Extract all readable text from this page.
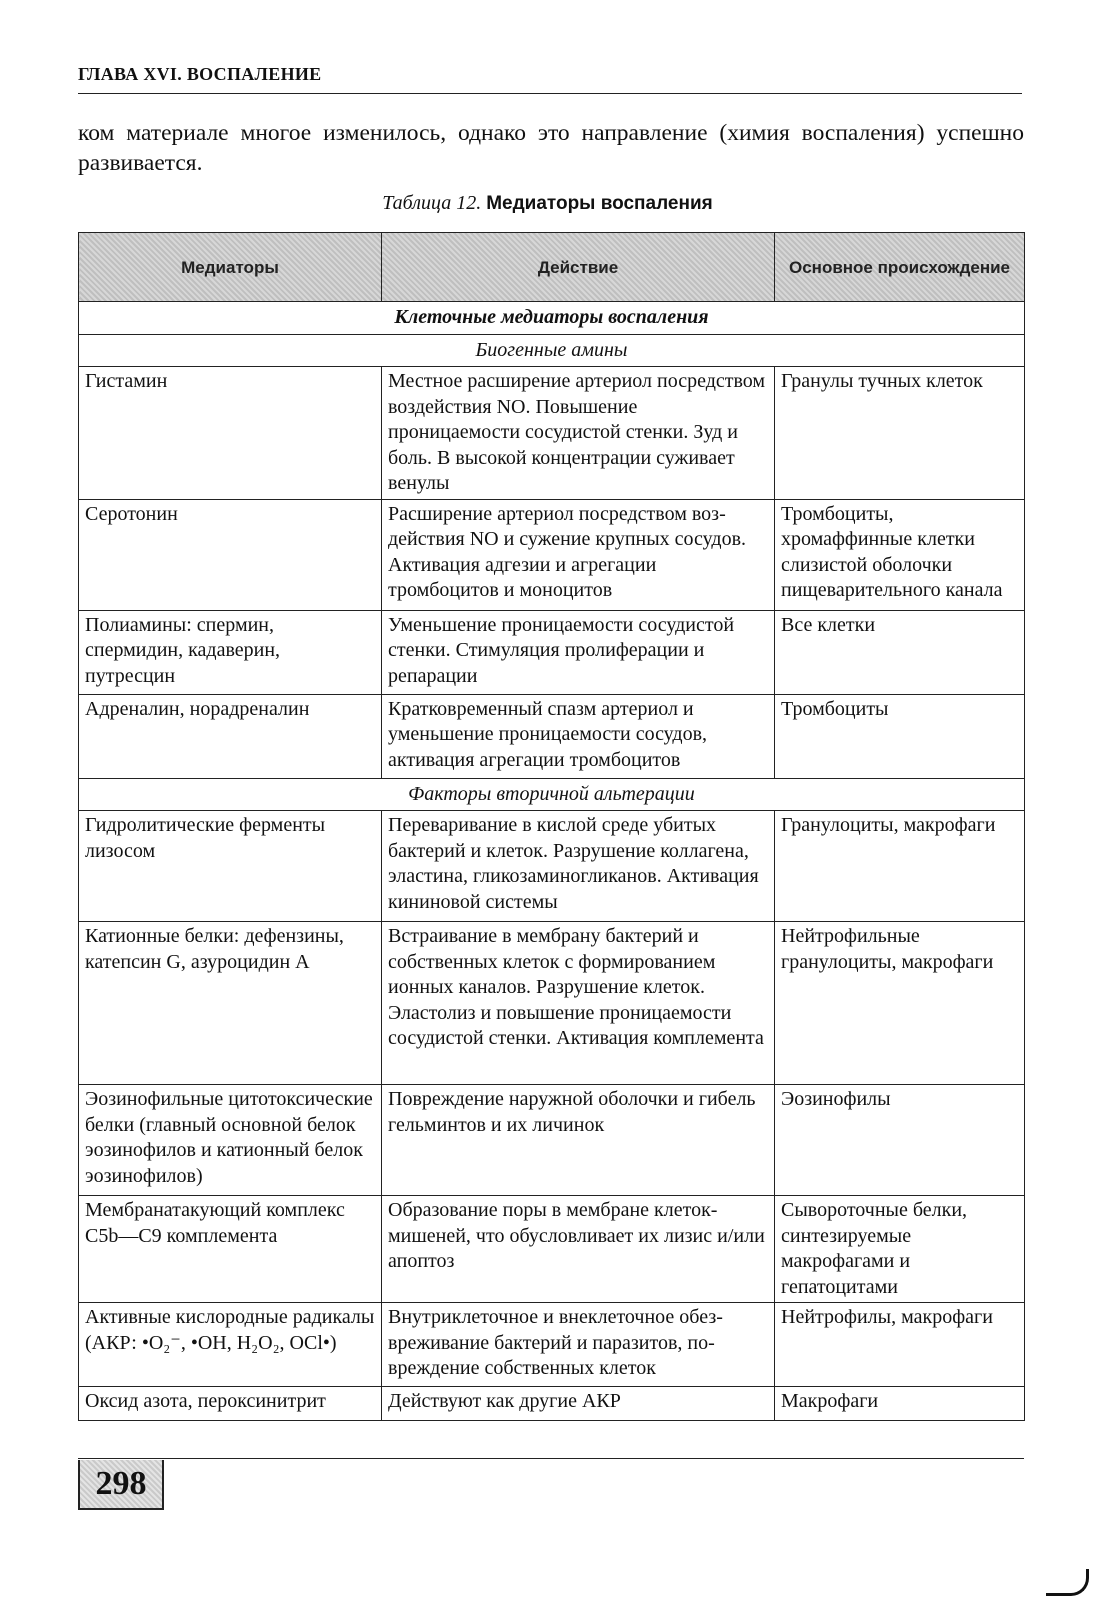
ГЛАВА XVI. ВОСПАЛЕНИЕ
ком материале многое изменилось, однако это направление (химия воспаления) успешно развивается.
Таблица 12. Медиаторы воспаления
Медиаторы	Действие	Основное происхождение
Клеточные медиаторы воспаления		
Биогенные амины		
Гистамин	Местное расширение артериол посредством воздействия NO. Повышение проницаемости сосудистой стенки. Зуд и боль. В высокой концентрации суживает венулы	Гранулы тучных клеток
Серотонин	Расширение артериол посредством воздействия NO и сужение крупных сосудов. Активация адгезии и агрегации тромбоцитов и моноцитов	Тромбоциты, хромаффинные клетки слизистой оболочки пищеварительного канала
Полиамины: спермин, спермидин, кадаверин, путресцин	Уменьшение проницаемости сосудистой стенки. Стимуляция пролиферации и репарации	Все клетки
Адреналин, норадреналин	Кратковременный спазм артериол и уменьшение проницаемости сосудов, активация агрегации тромбоцитов	Тромбоциты
Факторы вторичной альтерации		
Гидролитические ферменты лизосом	Переваривание в кислой среде убитых бактерий и клеток. Разрушение коллагена, эластина, гликозаминогликанов. Активация кининовой системы	Гранулоциты, макрофаги
Катионные белки: дефензины, катепсин G, азуроцидин A	Встраивание в мембрану бактерий и собственных клеток с формированием ионных каналов. Разрушение клеток. Эластолиз и повышение проницаемости сосудистой стенки. Активация комплемента	Нейтрофильные гранулоциты, макрофаги
Эозинофильные цитотоксические белки (главный основной белок эозинофилов и катионный белок эозинофилов)	Повреждение наружной оболочки и гибель гельминтов и их личинок	Эозинофилы
Мембранатакующий комплекс C5b—C9 комплемента	Образование поры в мембране клеток-мишеней, что обусловливает их лизис и/или апоптоз	Сывороточные белки, синтезируемые макрофагами и гепатоцитами
Активные кислородные радикалы (АКР: •O₂⁻, •OH, H₂O₂, OCl•)	Внутриклеточное и внеклеточное обезвреживание бактерий и паразитов, повреждение собственных клеток	Нейтрофилы, макрофаги
Оксид азота, пероксинитрит	Действуют как другие АКР	Макрофаги
298
